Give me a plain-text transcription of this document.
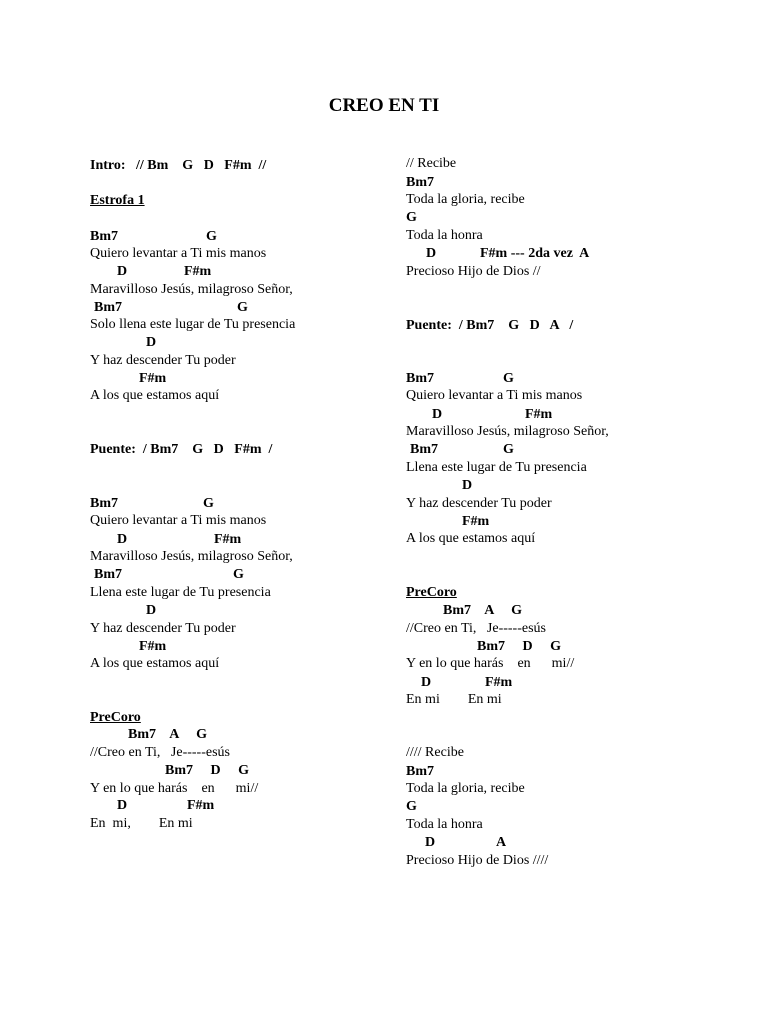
CREO EN TI
Intro:   // Bm    G   D   F#m  //
Estrofa 1
Bm7	G
Quiero levantar a Ti mis manos
D	F#m
Maravilloso Jesús, milagroso Señor,
Bm7	G
Solo llena este lugar de Tu presencia
D
Y haz descender Tu poder
F#m
A los que estamos aquí
Puente:  / Bm7    G   D   F#m  /
Bm7	G
Quiero levantar a Ti mis manos
D	F#m
Maravilloso Jesús, milagroso Señor,
Bm7	G
Llena este lugar de Tu presencia
D
Y haz descender Tu poder
F#m
A los que estamos aquí
PreCoro
Bm7    A     G
//Creo en Ti,   Je-----esús
Bm7     D     G
Y en lo que harás    en      mi//
D	F#m
En  mi,        En mi
// Recibe
Bm7
Toda la gloria, recibe
G
Toda la honra
D	F#m --- 2da vez  A
Precioso Hijo de Dios //
Puente:  / Bm7    G   D   A   /
Bm7	G
Quiero levantar a Ti mis manos
D	F#m
Maravilloso Jesús, milagroso Señor,
Bm7	G
Llena este lugar de Tu presencia
D
Y haz descender Tu poder
F#m
A los que estamos aquí
PreCoro
Bm7    A     G
//Creo en Ti,   Je-----esús
Bm7     D     G
Y en lo que harás    en      mi//
D	F#m
En mi        En mi
//// Recibe
Bm7
Toda la gloria, recibe
G
Toda la honra
D	A
Precioso Hijo de Dios ////
